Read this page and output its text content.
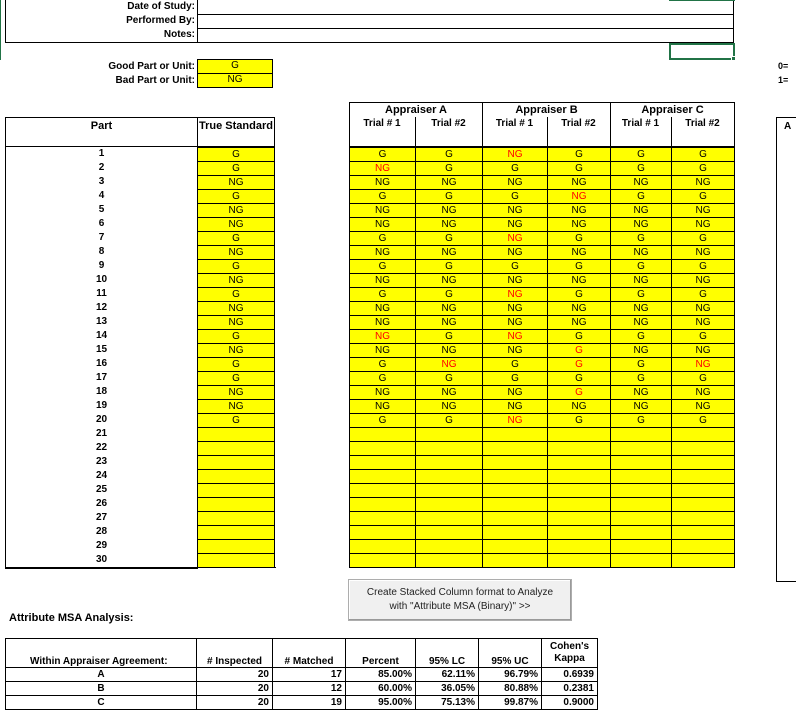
Date of Study:
Performed By:
Notes:
0=
1=
Good Part or Unit:
Bad Part or Unit:
G
NG
Part	True Standard
Appraiser A
Trial # 1	Trial #2
Appraiser B
Trial # 1	Trial #2
Appraiser C
Trial # 1	Trial #2	A
1	G	G	G	NG	G	G	G
2	G	NG	G	G	G	G	G
3	NG	NG	NG	NG	NG	NG	NG
4	G	G	G	G	NG	G	G
5	NG	NG	NG	NG	NG	NG	NG
6	NG	NG	NG	NG	NG	NG	NG
7	G	G	G	NG	G	G	G
8	NG	NG	NG	NG	NG	NG	NG
9	G	G	G	G	G	G	G
10	NG	NG	NG	NG	NG	NG	NG
11	G	G	G	NG	G	G	G
12	NG	NG	NG	NG	NG	NG	NG
13	NG	NG	NG	NG	NG	NG	NG
14	G	NG	G	NG	G	G	G
15	NG	NG	NG	NG	G	NG	NG
16	G	G	NG	G	G	G	NG
17	G	G	G	G	G	G	G
18	NG	NG	NG	NG	G	NG	NG
19	NG	NG	NG	NG	NG	NG	NG
20	G	G	G	NG	G	G	G
21
22
23
24
25
26
27
28
29
30
Create Stacked Column format to Analyze
with "Attribute MSA (Binary)" >>
Attribute MSA Analysis:
Within Appraiser Agreement:	# Inspected	# Matched	Percent	95% LC	95% UC	Cohen's Kappa
A	20	17	85.00%	62.11%	96.79%	0.6939
B	20	12	60.00%	36.05%	80.88%	0.2381
C	20	19	95.00%	75.13%	99.87%	0.9000
